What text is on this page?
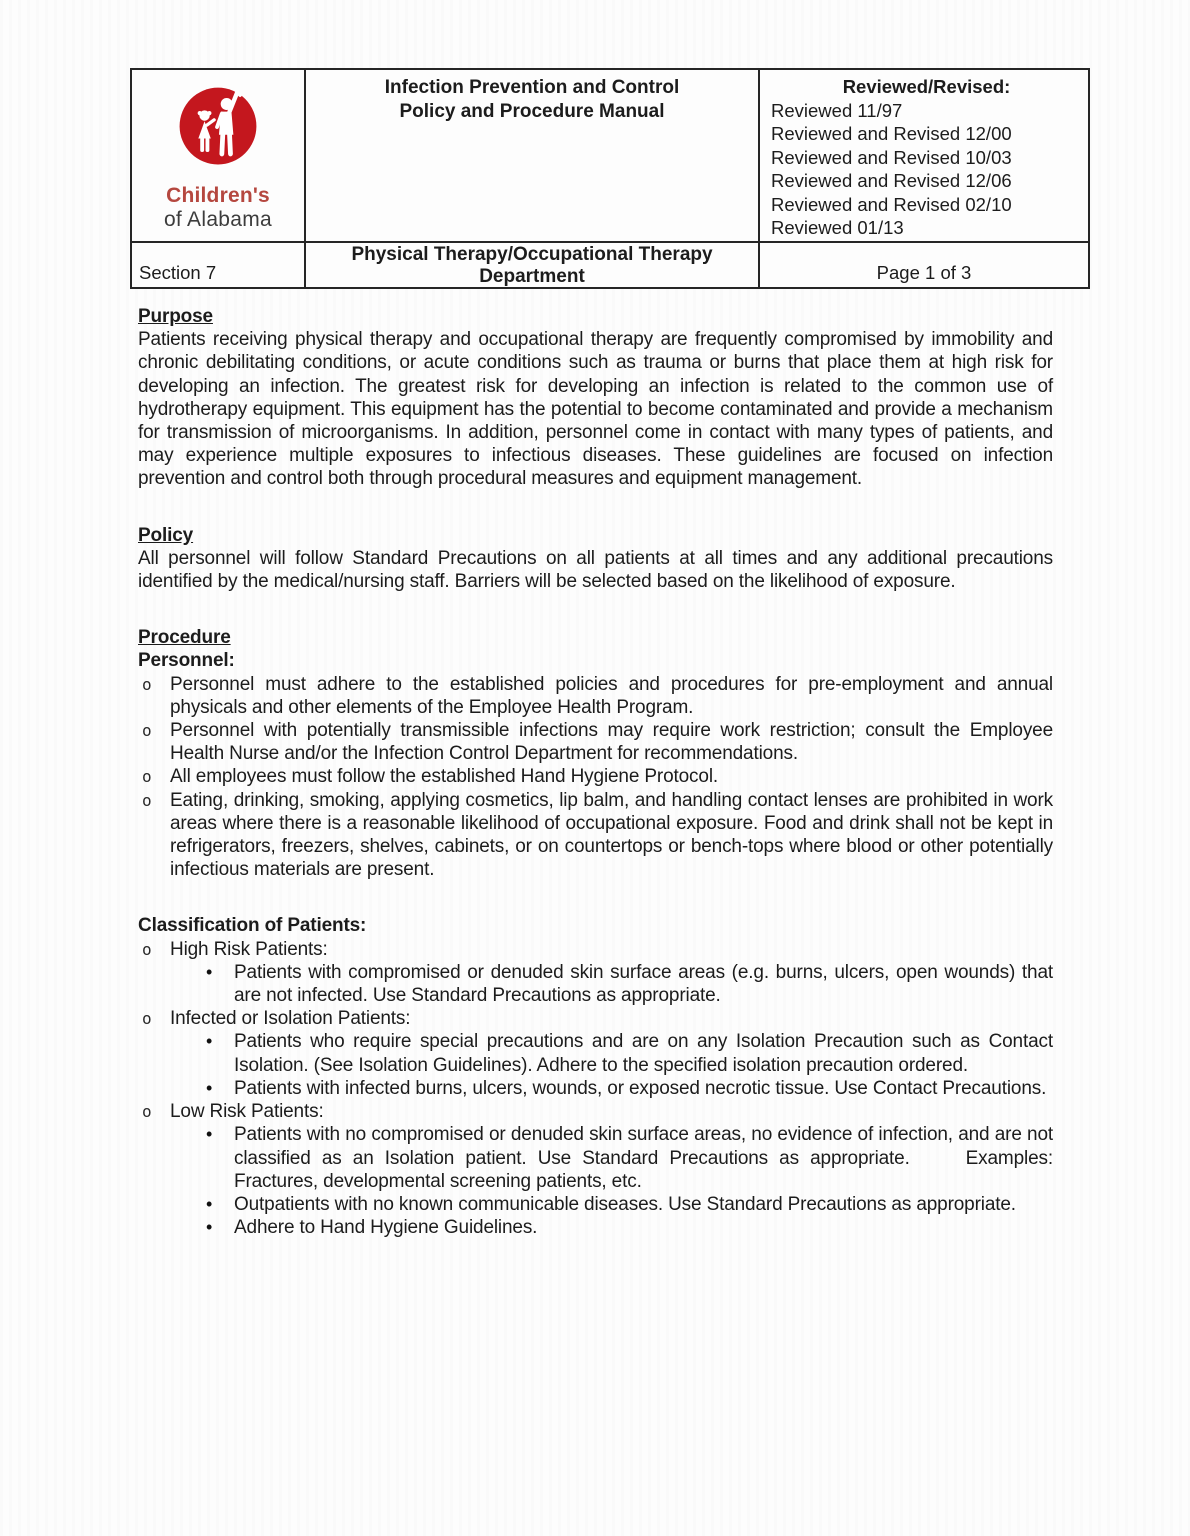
Children's
of Alabama
Infection Prevention and Control
Policy and Procedure Manual
Reviewed/Revised:
Reviewed 11/97
Reviewed and Revised 12/00
Reviewed and Revised 10/03
Reviewed and Revised 12/06
Reviewed and Revised 02/10
Reviewed 01/13
Section 7
Physical Therapy/Occupational Therapy
Department	Page 1 of 3
Purpose

Patients receiving physical therapy and occupational therapy are frequently compromised by immobility and chronic debilitating conditions, or acute conditions such as trauma or burns that place them at high risk for developing an infection. The greatest risk for developing an infection is related to the common use of hydrotherapy equipment. This equipment has the potential to become contaminated and provide a mechanism for transmission of microorganisms. In addition, personnel come in contact with many types of patients, and may experience multiple exposures to infectious diseases. These guidelines are focused on infection prevention and control both through procedural measures and equipment management.

Policy

All personnel will follow Standard Precautions on all patients at all times and any additional precautions identified by the medical/nursing staff. Barriers will be selected based on the likelihood of exposure.

Procedure
Personnel:
o Personnel must adhere to the established policies and procedures for pre-employment and annual physicals and other elements of the Employee Health Program.
o Personnel with potentially transmissible infections may require work restriction; consult the Employee Health Nurse and/or the Infection Control Department for recommendations.
o All employees must follow the established Hand Hygiene Protocol.
o Eating, drinking, smoking, applying cosmetics, lip balm, and handling contact lenses are prohibited in work areas where there is a reasonable likelihood of occupational exposure. Food and drink shall not be kept in refrigerators, freezers, shelves, cabinets, or on countertops or bench-tops where blood or other potentially infectious materials are present.
Classification of Patients:
o High Risk Patients:
• Patients with compromised or denuded skin surface areas (e.g. burns, ulcers, open wounds) that are not infected. Use Standard Precautions as appropriate.
o Infected or Isolation Patients:
• Patients who require special precautions and are on any Isolation Precaution such as Contact Isolation. (See Isolation Guidelines). Adhere to the specified isolation precaution ordered.
• Patients with infected burns, ulcers, wounds, or exposed necrotic tissue. Use Contact Precautions.
o Low Risk Patients:
• Patients with no compromised or denuded skin surface areas, no evidence of infection, and are not classified as an Isolation patient. Use Standard Precautions as appropriate.     Examples: Fractures, developmental screening patients, etc.
• Outpatients with no known communicable diseases. Use Standard Precautions as appropriate.
• Adhere to Hand Hygiene Guidelines.
